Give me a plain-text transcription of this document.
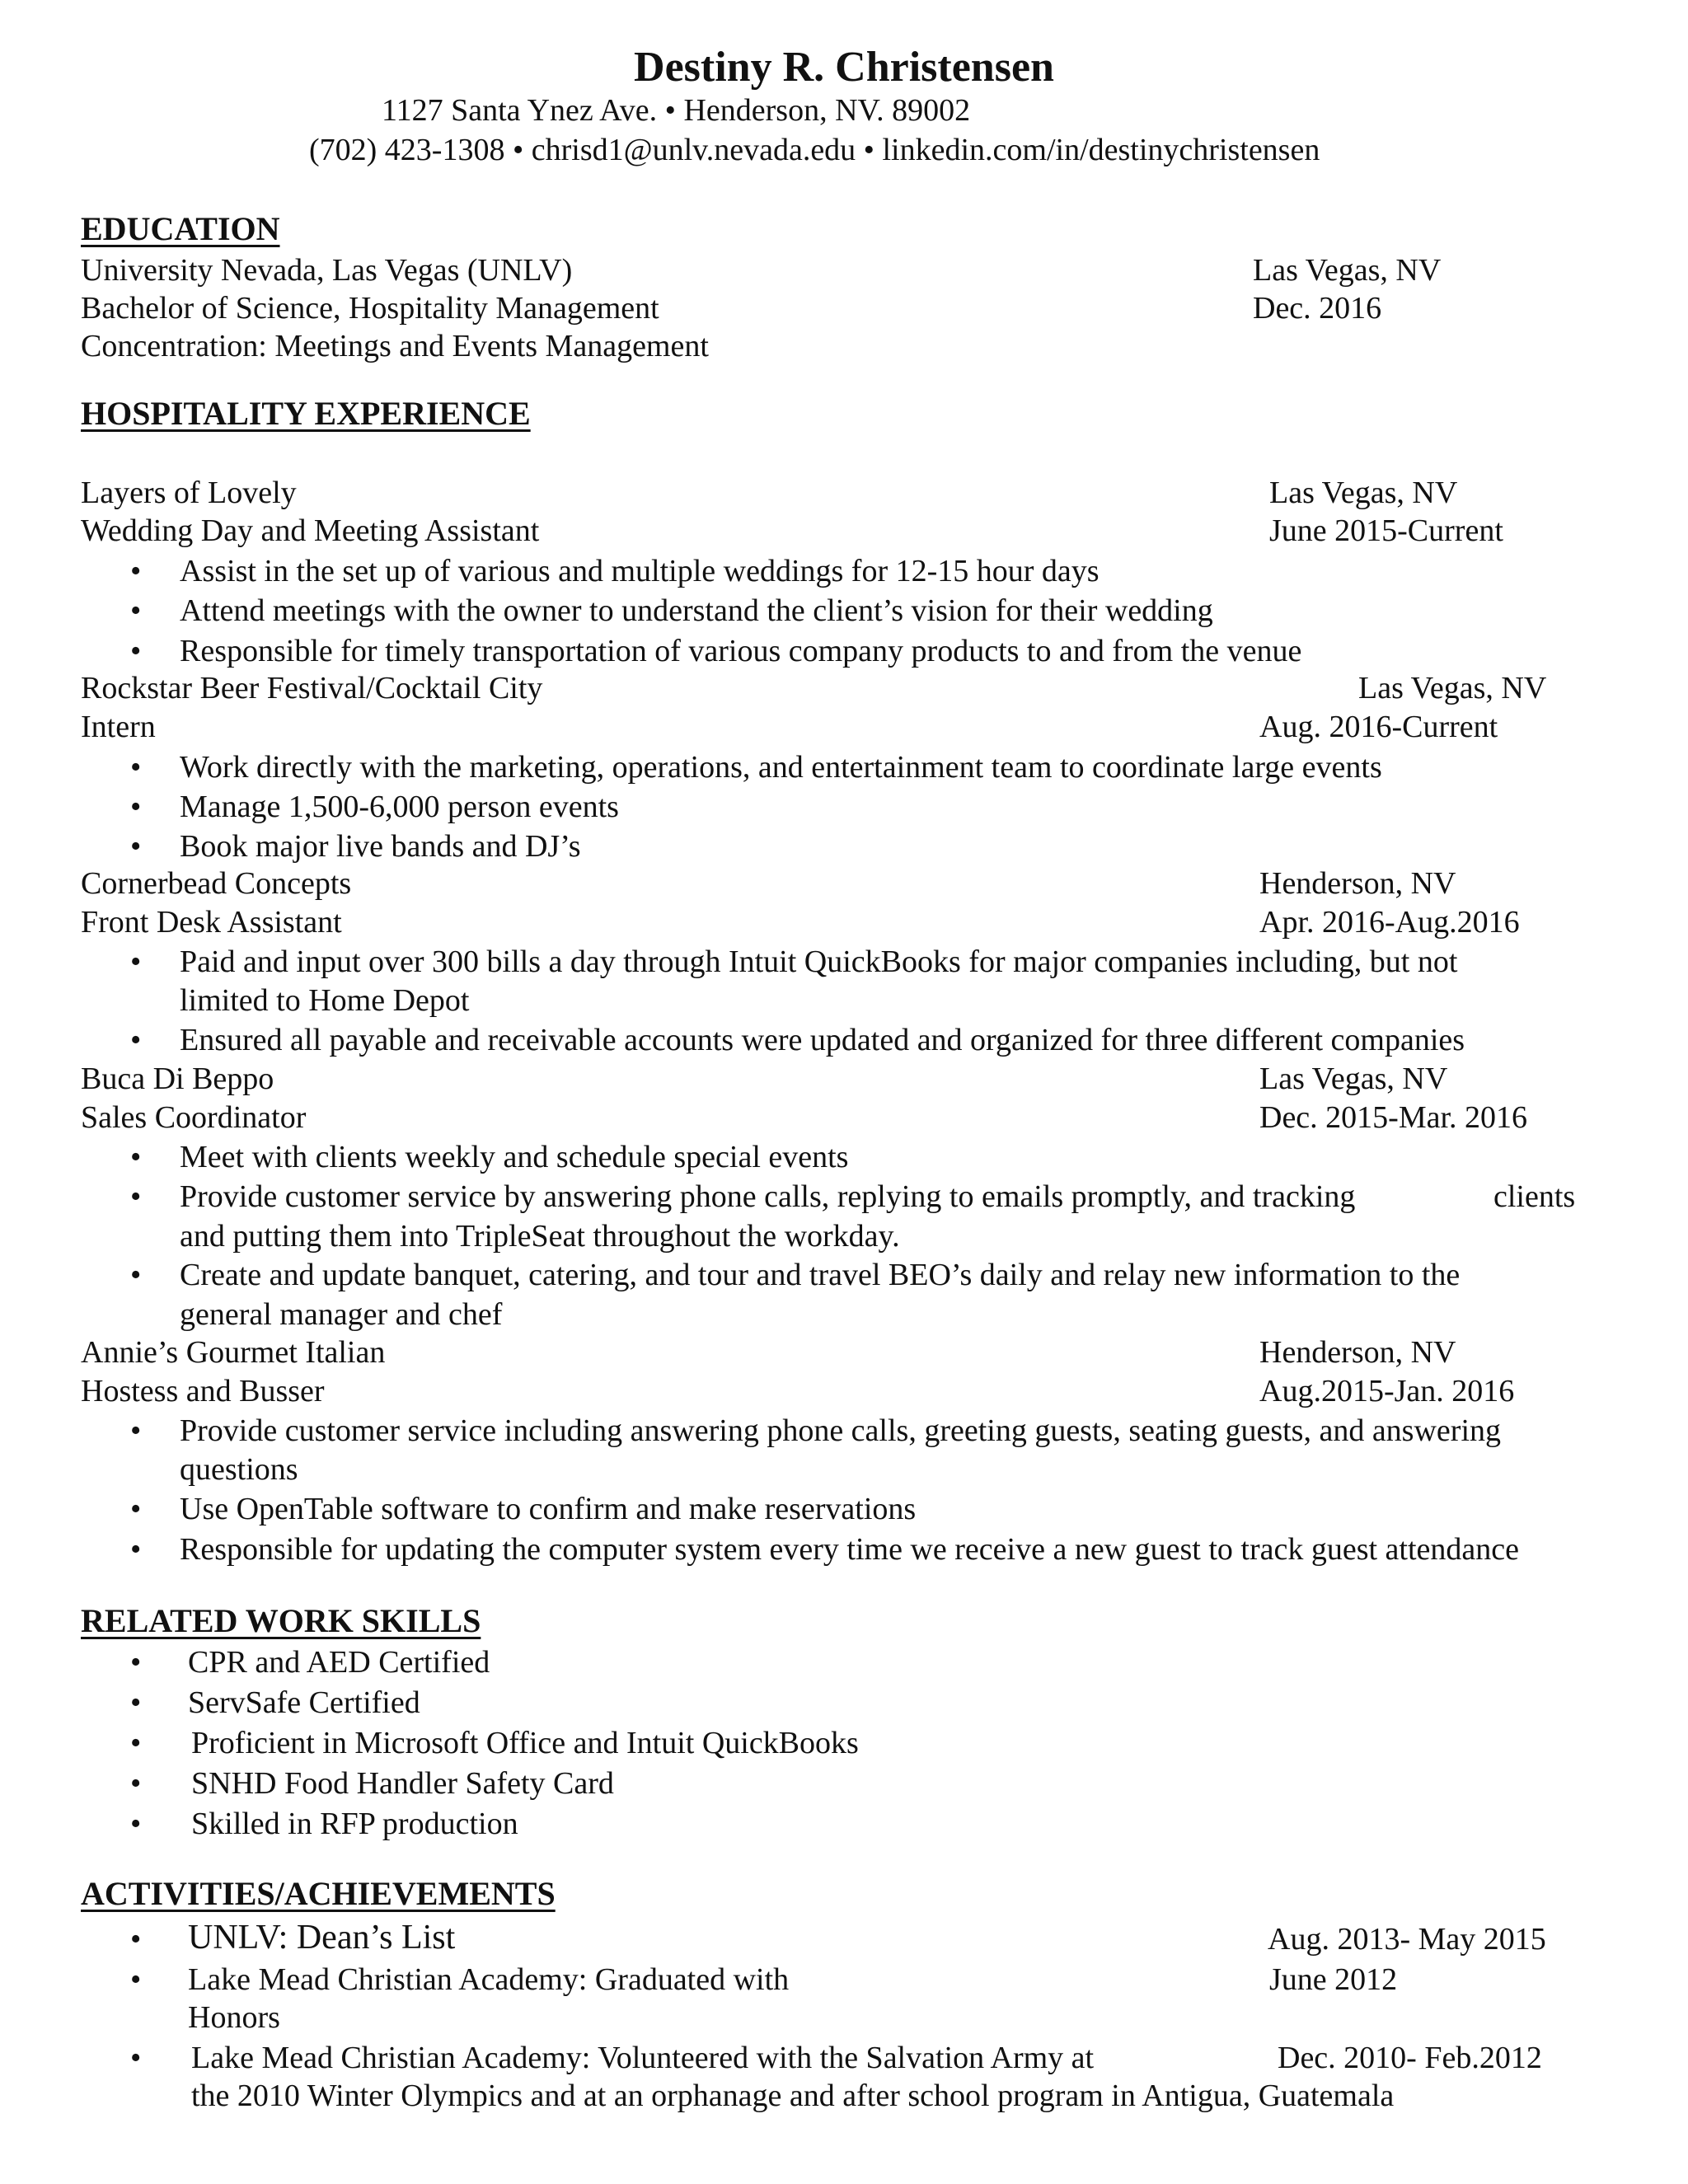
Destiny R. Christensen
1127 Santa Ynez Ave. • Henderson, NV. 89002
(702) 423-1308 • chrisd1@unlv.nevada.edu • linkedin.com/in/destinychristensen
EDUCATION
University Nevada, Las Vegas (UNLV)	Las Vegas, NV
Bachelor of Science, Hospitality Management	Dec. 2016
Concentration: Meetings and Events Management
HOSPITALITY EXPERIENCE
Layers of Lovely	Las Vegas, NV
Wedding Day and Meeting Assistant	June 2015-Current
• Assist in the set up of various and multiple weddings for 12-15 hour days
• Attend meetings with the owner to understand the client’s vision for their wedding
• Responsible for timely transportation of various company products to and from the venue
Rockstar Beer Festival/Cocktail City	Las Vegas, NV
Intern	Aug. 2016-Current
• Work directly with the marketing, operations, and entertainment team to coordinate large events
• Manage 1,500-6,000 person events
• Book major live bands and DJ’s
Cornerbead Concepts	Henderson, NV
Front Desk Assistant	Apr. 2016-Aug.2016
• Paid and input over 300 bills a day through Intuit QuickBooks for major companies including, but not
limited to Home Depot
• Ensured all payable and receivable accounts were updated and organized for three different companies
Buca Di Beppo	Las Vegas, NV
Sales Coordinator	Dec. 2015-Mar. 2016
• Meet with clients weekly and schedule special events
• Provide customer service by answering phone calls, replying to emails promptly, and tracking	clients
and putting them into TripleSeat throughout the workday.
• Create and update banquet, catering, and tour and travel BEO’s daily and relay new information to the
general manager and chef
Annie’s Gourmet Italian	Henderson, NV
Hostess and Busser	Aug.2015-Jan. 2016
• Provide customer service including answering phone calls, greeting guests, seating guests, and answering
questions
• Use OpenTable software to confirm and make reservations
• Responsible for updating the computer system every time we receive a new guest to track guest attendance
RELATED WORK SKILLS
• CPR and AED Certified
• ServSafe Certified
• Proficient in Microsoft Office and Intuit QuickBooks
• SNHD Food Handler Safety Card
• Skilled in RFP production
ACTIVITIES/ACHIEVEMENTS
• UNLV: Dean’s List	Aug. 2013- May 2015
• Lake Mead Christian Academy: Graduated with	June 2012
Honors
• Lake Mead Christian Academy: Volunteered with the Salvation Army at	Dec. 2010- Feb.2012
the 2010 Winter Olympics and at an orphanage and after school program in Antigua, Guatemala
